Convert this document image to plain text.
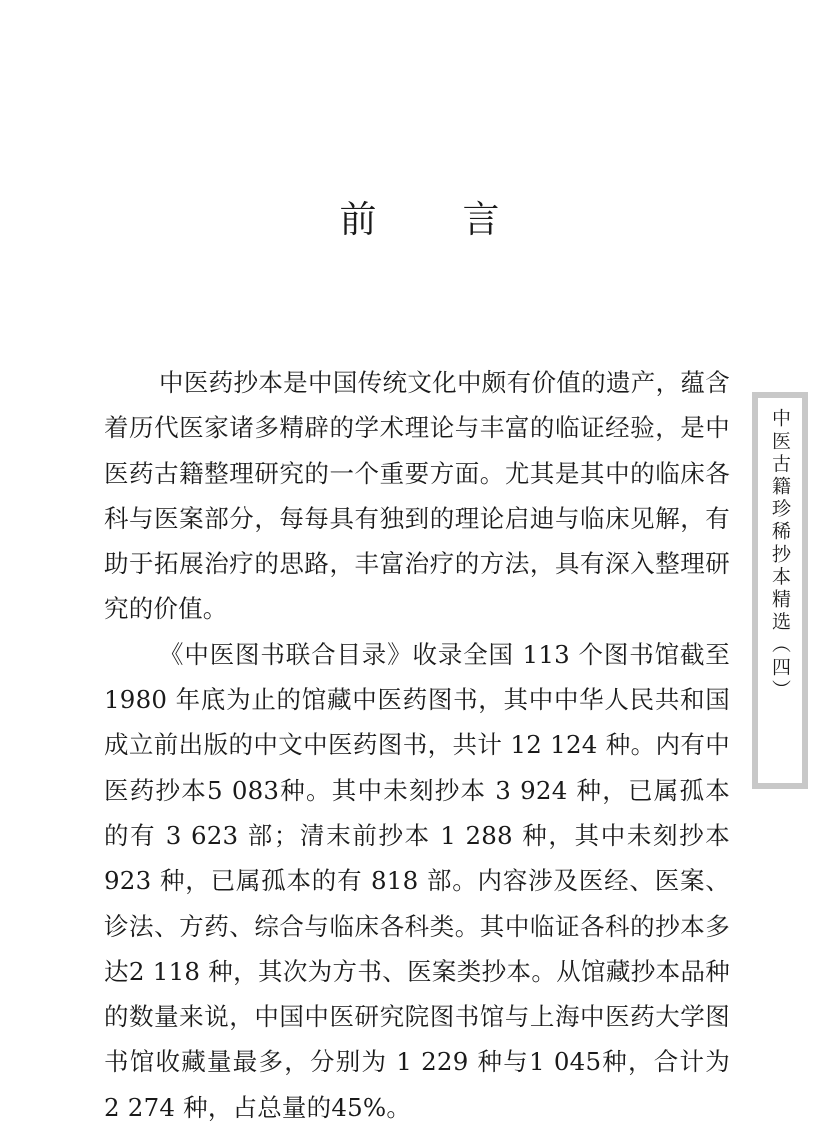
前言

中医药抄本是中国传统文化中颇有价值的遗产，蕴含着历代医家诸多精辟的学术理论与丰富的临证经验，是中医药古籍整理研究的一个重要方面。尤其是其中的临床各科与医案部分，每每具有独到的理论启迪与临床见解，有助于拓展治疗的思路，丰富治疗的方法，具有深入整理研究的价值。

《中医图书联合目录》收录全国 113 个图书馆截至 1980 年底为止的馆藏中医药图书，其中中华人民共和国成立前出版的中文中医药图书，共计 12 124 种。内有中医药抄本5 083种。其中未刻抄本 3 924 种，已属孤本的有 3 623 部；清末前抄本 1 288 种，其中未刻抄本 923 种，已属孤本的有 818 部。内容涉及医经、医案、诊法、方药、综合与临床各科类。其中临证各科的抄本多达2 118 种，其次为方书、医案类抄本。从馆藏抄本品种的数量来说，中国中医研究院图书馆与上海中医药大学图书馆收藏量最多，分别为 1 229 种与1 045种，合计为 2 274 种，占总量的45%。

中医古籍珍稀抄本精选（四）
